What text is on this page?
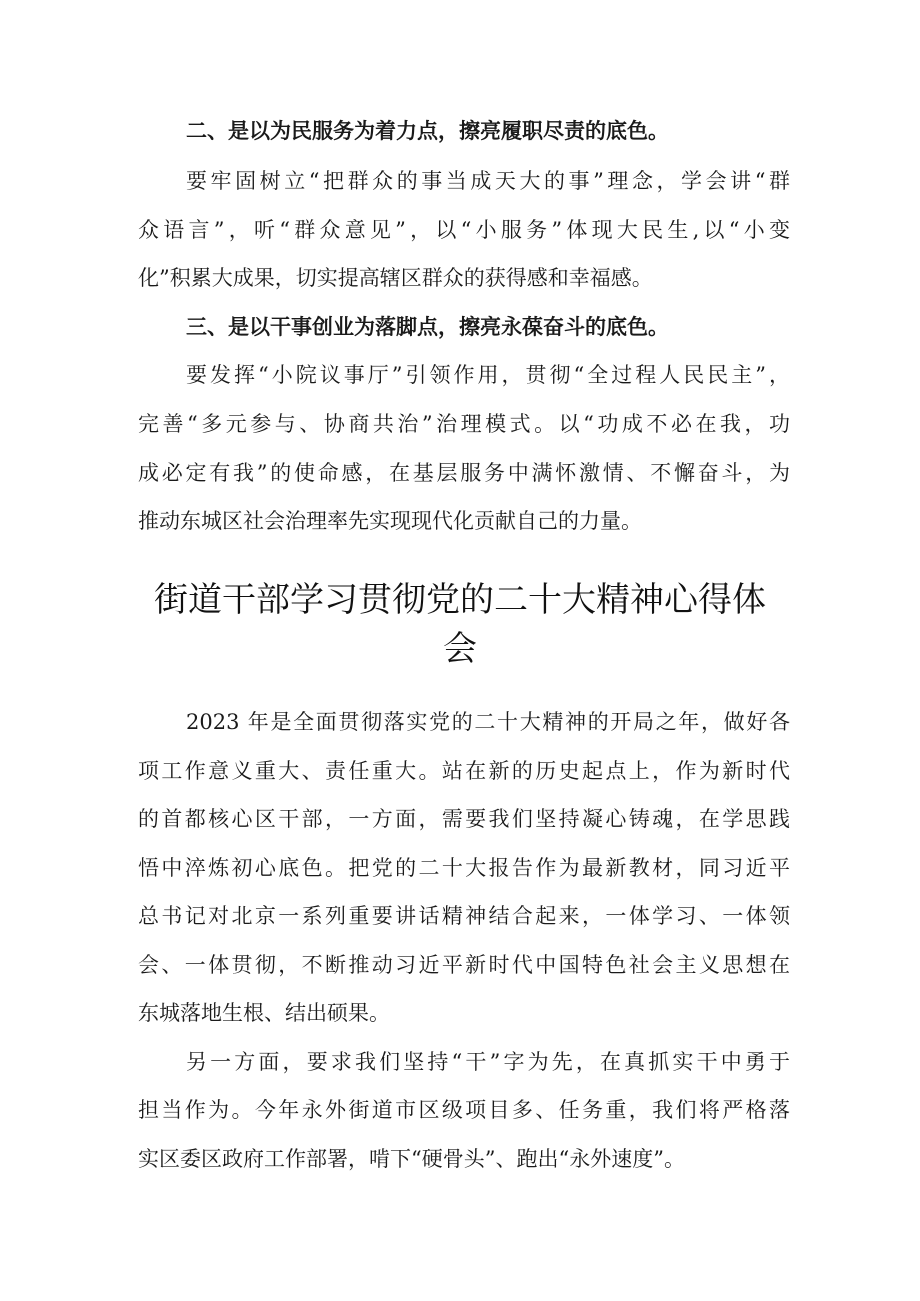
二、是以为民服务为着力点，擦亮履职尽责的底色。
要牢固树立“把群众的事当成天大的事”理念，学会讲“群
众语言”，听“群众意见”，以“小服务”体现大民生,以“小变
化”积累大成果，切实提高辖区群众的获得感和幸福感。
三、是以干事创业为落脚点，擦亮永葆奋斗的底色。
要发挥“小院议事厅”引领作用，贯彻“全过程人民民主”，
完善“多元参与、协商共治”治理模式。以“功成不必在我，功
成必定有我”的使命感，在基层服务中满怀激情、不懈奋斗，为
推动东城区社会治理率先实现现代化贡献自己的力量。
街道干部学习贯彻党的二十大精神心得体
会
2023 年是全面贯彻落实党的二十大精神的开局之年，做好各
项工作意义重大、责任重大。站在新的历史起点上，作为新时代
的首都核心区干部，一方面，需要我们坚持凝心铸魂，在学思践
悟中淬炼初心底色。把党的二十大报告作为最新教材，同习近平
总书记对北京一系列重要讲话精神结合起来，一体学习、一体领
会、一体贯彻，不断推动习近平新时代中国特色社会主义思想在
东城落地生根、结出硕果。
另一方面，要求我们坚持“干”字为先，在真抓实干中勇于
担当作为。今年永外街道市区级项目多、任务重，我们将严格落
实区委区政府工作部署，啃下“硬骨头”、跑出“永外速度”。
